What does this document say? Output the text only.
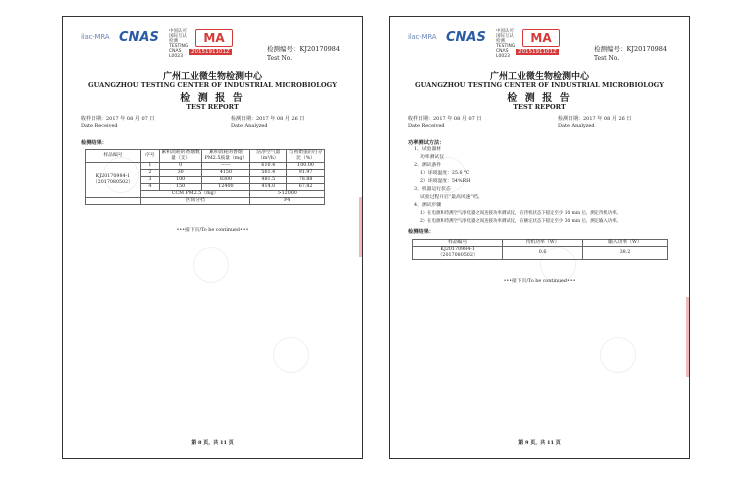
ilac-MRA CNAS 中国认可 国际互认 检测 TESTING CNAS L0023
MA
2015191101Z	检测编号：KJ20170984
Test No.
广州工业微生物检测中心
GUANGZHOU TESTING CENTER OF INDUSTRIAL MICROBIOLOGY
检 测 报 告
TEST REPORT
收样日期：2017 年 08 月 07 日
Date Received
检测日期：2017 年 08 月 26 日
Date Analyzed
检测结果：
样品编号	序号	累积消耗的香烟数量（支）	累积消耗的香烟 PM2.5质量（mg）	洁净空气量（m³/h）	与初始值的百分比（%）

KJ20170984-1
（2017080502）	1	0	------	610.4	100.00
	2	30	4150	561.4	91.97
	3	100	8300	481.5	78.88
	4	150	12400	414.0	67.82
	CCM PM2.5（mg）			>12000	
	区间分档			P4	
•••接下页/To be continued•••
第 8 页，共 11 页
ilac-MRA CNAS 中国认可 国际互认 检测 TESTING CNAS L0023
MA
2015191101Z	检测编号：KJ20170984
Test No.
广州工业微生物检测中心
GUANGZHOU TESTING CENTER OF INDUSTRIAL MICROBIOLOGY
检 测 报 告
TEST REPORT
收样日期：2017 年 08 月 07 日
Date Received
检测日期：2017 年 08 月 26 日
Date Analyzed
功率测试方法：
1、试验器材
功率测试仪
2、测试条件
1）环境温度：25.6 ℃
2）环境湿度：54%RH
3、机器运行状态
试验过程开启“最高风速”档。
4、测试步骤
1）在电源和待测空气净化器之间连接功率测试仪，在待机状态下稳定至少 10 min 后，测定待机功率。
2）在电源和待测空气净化器之间连接功率测试仪，在额定状态下稳定至少 30 min 后，测定输入功率。
检测结果：
样品编号	待机功率（W）	输入功率（W）

KJ20170984-1
（2017080502）	0.6	38.2
•••接下页/To be continued•••
第 9 页，共 11 页
